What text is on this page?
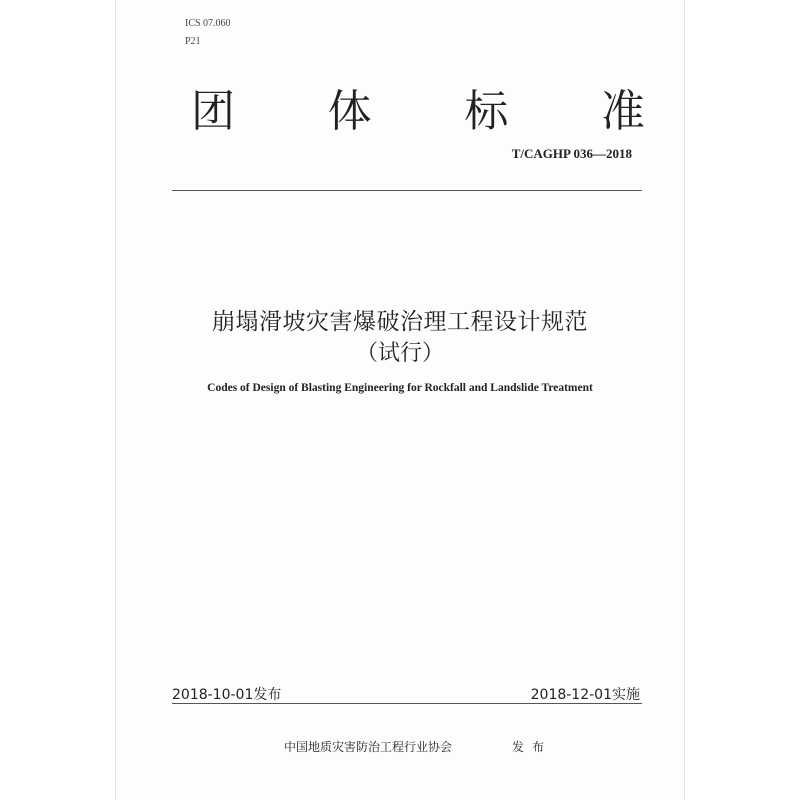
ICS 07.060
P21
团 体 标 准
T/CAGHP 036—2018
崩塌滑坡灾害爆破治理工程设计规范
（试行）
Codes of Design of Blasting Engineering for Rockfall and Landslide Treatment
2018-10-01发布	2018-12-01实施
中国地质灾害防治工程行业协会	发布
